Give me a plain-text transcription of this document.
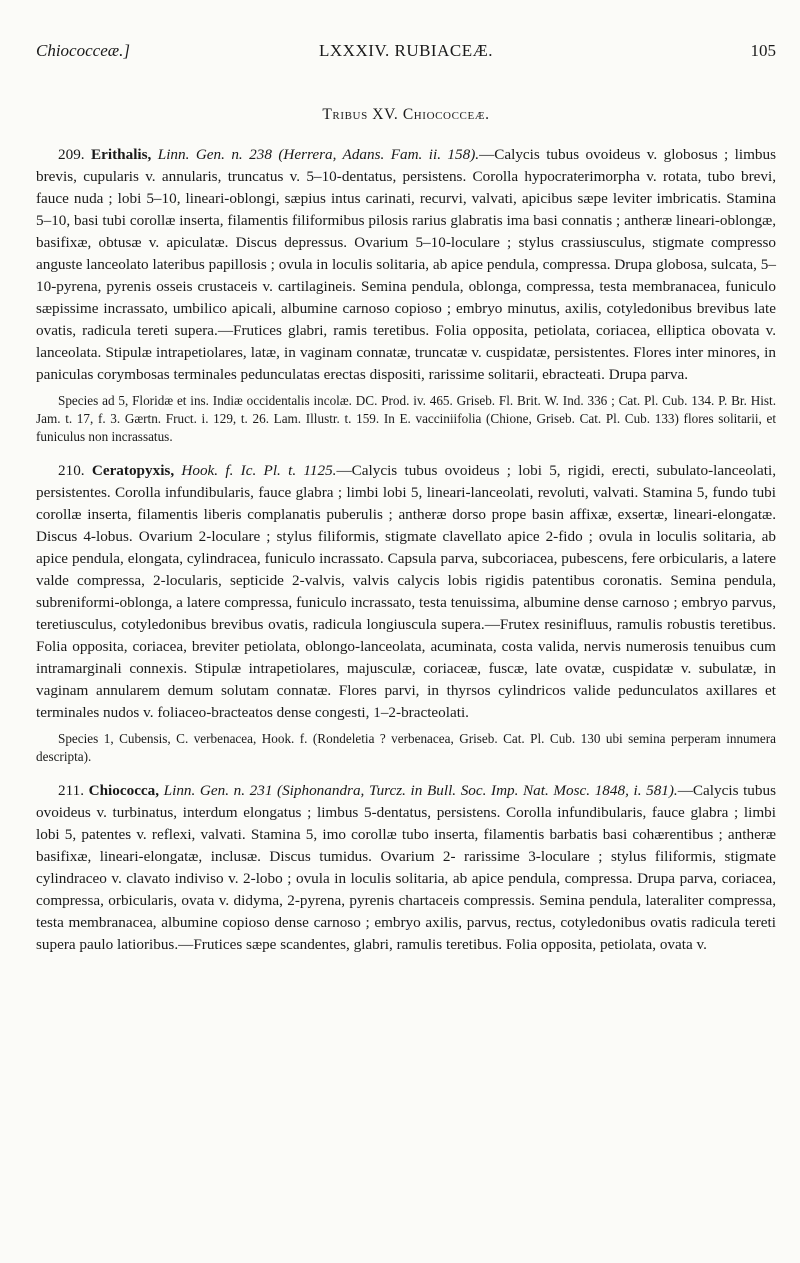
Chiococceæ.]	LXXXIV. RUBIACEÆ.	105
Tribus XV. Chiococceæ.

209. Erithalis, Linn. Gen. n. 238 (Herrera, Adans. Fam. ii. 158).—Calycis tubus ovoideus v. globosus ; limbus brevis, cupularis v. annularis, truncatus v. 5–10-dentatus, persistens. Corolla hypocraterimorpha v. rotata, tubo brevi, fauce nuda ; lobi 5–10, lineari-oblongi, sæpius intus carinati, recurvi, valvati, apicibus sæpe leviter imbricatis. Stamina 5–10, basi tubi corollæ inserta, filamentis filiformibus pilosis rarius glabratis ima basi connatis ; antheræ lineari-oblongæ, basifixæ, obtusæ v. apiculatæ. Discus depressus. Ovarium 5–10-loculare ; stylus crassiusculus, stigmate compresso anguste lanceolato lateribus papillosis ; ovula in loculis solitaria, ab apice pendula, compressa. Drupa globosa, sulcata, 5–10-pyrena, pyrenis osseis crustaceis v. cartilagineis. Semina pendula, oblonga, compressa, testa membranacea, funiculo sæpissime incrassato, umbilico apicali, albumine carnoso copioso ; embryo minutus, axilis, cotyledonibus brevibus late ovatis, radicula tereti supera.—Frutices glabri, ramis teretibus. Folia opposita, petiolata, coriacea, elliptica obovata v. lanceolata. Stipulæ intrapetiolares, latæ, in vaginam connatæ, truncatæ v. cuspidatæ, persistentes. Flores inter minores, in paniculas corymbosas terminales pedunculatas erectas dispositi, rarissime solitarii, ebracteati. Drupa parva.

Species ad 5, Floridæ et ins. Indiæ occidentalis incolæ. DC. Prod. iv. 465. Griseb. Fl. Brit. W. Ind. 336 ; Cat. Pl. Cub. 134. P. Br. Hist. Jam. t. 17, f. 3. Gærtn. Fruct. i. 129, t. 26. Lam. Illustr. t. 159. In E. vacciniifolia (Chione, Griseb. Cat. Pl. Cub. 133) flores solitarii, et funiculus non incrassatus.

210. Ceratopyxis, Hook. f. Ic. Pl. t. 1125.—Calycis tubus ovoideus ; lobi 5, rigidi, erecti, subulato-lanceolati, persistentes. Corolla infundibularis, fauce glabra ; limbi lobi 5, lineari-lanceolati, revoluti, valvati. Stamina 5, fundo tubi corollæ inserta, filamentis liberis complanatis puberulis ; antheræ dorso prope basin affixæ, exsertæ, lineari-elongatæ. Discus 4-lobus. Ovarium 2-loculare ; stylus filiformis, stigmate clavellato apice 2-fido ; ovula in loculis solitaria, ab apice pendula, elongata, cylindracea, funiculo incrassato. Capsula parva, subcoriacea, pubescens, fere orbicularis, a latere valde compressa, 2-locularis, septicide 2-valvis, valvis calycis lobis rigidis patentibus coronatis. Semina pendula, subreniformi-oblonga, a latere compressa, funiculo incrassato, testa tenuissima, albumine dense carnoso ; embryo parvus, teretiusculus, cotyledonibus brevibus ovatis, radicula longiuscula supera.—Frutex resinifluus, ramulis robustis teretibus. Folia opposita, coriacea, breviter petiolata, oblongo-lanceolata, acuminata, costa valida, nervis numerosis tenuibus cum intramarginali connexis. Stipulæ intrapetiolares, majusculæ, coriaceæ, fuscæ, late ovatæ, cuspidatæ v. subulatæ, in vaginam annularem demum solutam connatæ. Flores parvi, in thyrsos cylindricos valide pedunculatos axillares et terminales nudos v. foliaceo-bracteatos dense congesti, 1–2-bracteolati.

Species 1, Cubensis, C. verbenacea, Hook. f. (Rondeletia ? verbenacea, Griseb. Cat. Pl. Cub. 130 ubi semina perperam innumera descripta).

211. Chiococca, Linn. Gen. n. 231 (Siphonandra, Turcz. in Bull. Soc. Imp. Nat. Mosc. 1848, i. 581).—Calycis tubus ovoideus v. turbinatus, interdum elongatus ; limbus 5-dentatus, persistens. Corolla infundibularis, fauce glabra ; limbi lobi 5, patentes v. reflexi, valvati. Stamina 5, imo corollæ tubo inserta, filamentis barbatis basi cohærentibus ; antheræ basifixæ, lineari-elongatæ, inclusæ. Discus tumidus. Ovarium 2- rarissime 3-loculare ; stylus filiformis, stigmate cylindraceo v. clavato indiviso v. 2-lobo ; ovula in loculis solitaria, ab apice pendula, compressa. Drupa parva, coriacea, compressa, orbicularis, ovata v. didyma, 2-pyrena, pyrenis chartaceis compressis. Semina pendula, lateraliter compressa, testa membranacea, albumine copioso dense carnoso ; embryo axilis, parvus, rectus, cotyledonibus ovatis radicula tereti supera paulo latioribus.—Frutices sæpe scandentes, glabri, ramulis teretibus. Folia opposita, petiolata, ovata v.
